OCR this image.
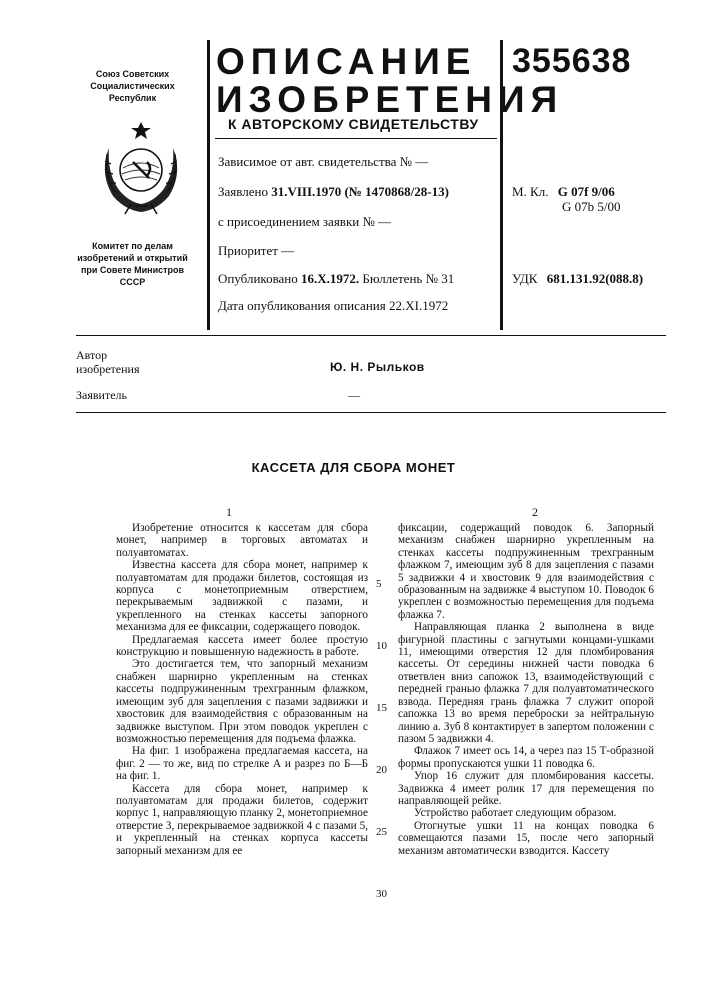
Союз Советских
Социалистических
Республик
Комитет по делам
изобретений и открытий
при Совете Министров
СССР
ОПИСАНИЕ
ИЗОБРЕТЕНИЯ
К АВТОРСКОМУ СВИДЕТЕЛЬСТВУ
355638
Зависимое от авт. свидетельства № —
Заявлено 31.VIII.1970 (№ 1470868/28-13)
с присоединением заявки № —
Приоритет —
Опубликовано 16.X.1972. Бюллетень № 31
Дата опубликования описания 22.XI.1972
М. Кл. G 07f 9/06
G 07b 5/00
УДК 681.131.92(088.8)
Автор
изобретения	Ю. Н. Рыльков
Заявитель	—
КАССЕТА ДЛЯ СБОРА МОНЕТ
1	2

Изобретение относится к кассетам для сбора монет, например в торговых автоматах и полуавтоматах.

Известна кассета для сбора монет, например к полуавтоматам для продажи билетов, состоящая из корпуса с монетоприемным отверстием, перекрываемым задвижкой с пазами, и укрепленного на стенках кассеты запорного механизма для ее фиксации, содержащего поводок.

Предлагаемая кассета имеет более простую конструкцию и повышенную надежность в работе.

Это достигается тем, что запорный механизм снабжен шарнирно укрепленным на стенках кассеты подпружиненным трехгранным флажком, имеющим зуб для зацепления с пазами задвижки и хвостовик для взаимодействия с образованным на задвижке выступом. При этом поводок укреплен с возможностью перемещения для подъема флажка.

На фиг. 1 изображена предлагаемая кассета, на фиг. 2 — то же, вид по стрелке А и разрез по Б—Б на фиг. 1.

Кассета для сбора монет, например к полуавтоматам для продажи билетов, содержит корпус 1, направляющую планку 2, монетоприемное отверстие 3, перекрываемое задвижкой 4 с пазами 5, и укрепленный на стенках корпуса кассеты запорный механизм для ее

5
10
15
20
25
30

фиксации, содержащий поводок 6. Запорный механизм снабжен шарнирно укрепленным на стенках кассеты подпружиненным трехгранным флажком 7, имеющим зуб 8 для зацепления с пазами 5 задвижки 4 и хвостовик 9 для взаимодействия с образованным на задвижке 4 выступом 10. Поводок 6 укреплен с возможностью перемещения для подъема флажка 7.

Направляющая планка 2 выполнена в виде фигурной пластины с загнутыми концами-ушками 11, имеющими отверстия 12 для пломбирования кассеты. От середины нижней части поводка 6 ответвлен вниз сапожок 13, взаимодействующий с передней гранью флажка 7 для полуавтоматического взвода. Передняя грань флажка 7 служит опорой сапожка 13 во время переброски за нейтральную линию а. Зуб 8 контактирует в запертом положении с пазом 5 задвижки 4.

Флажок 7 имеет ось 14, а через паз 15 Т-образной формы пропускаются ушки 11 поводка 6.

Упор 16 служит для пломбирования кассеты. Задвижка 4 имеет ролик 17 для перемещения по направляющей рейке.

Устройство работает следующим образом.

Отогнутые ушки 11 на концах поводка 6 совмещаются пазами 15, после чего запорный механизм автоматически взводится. Кассету
